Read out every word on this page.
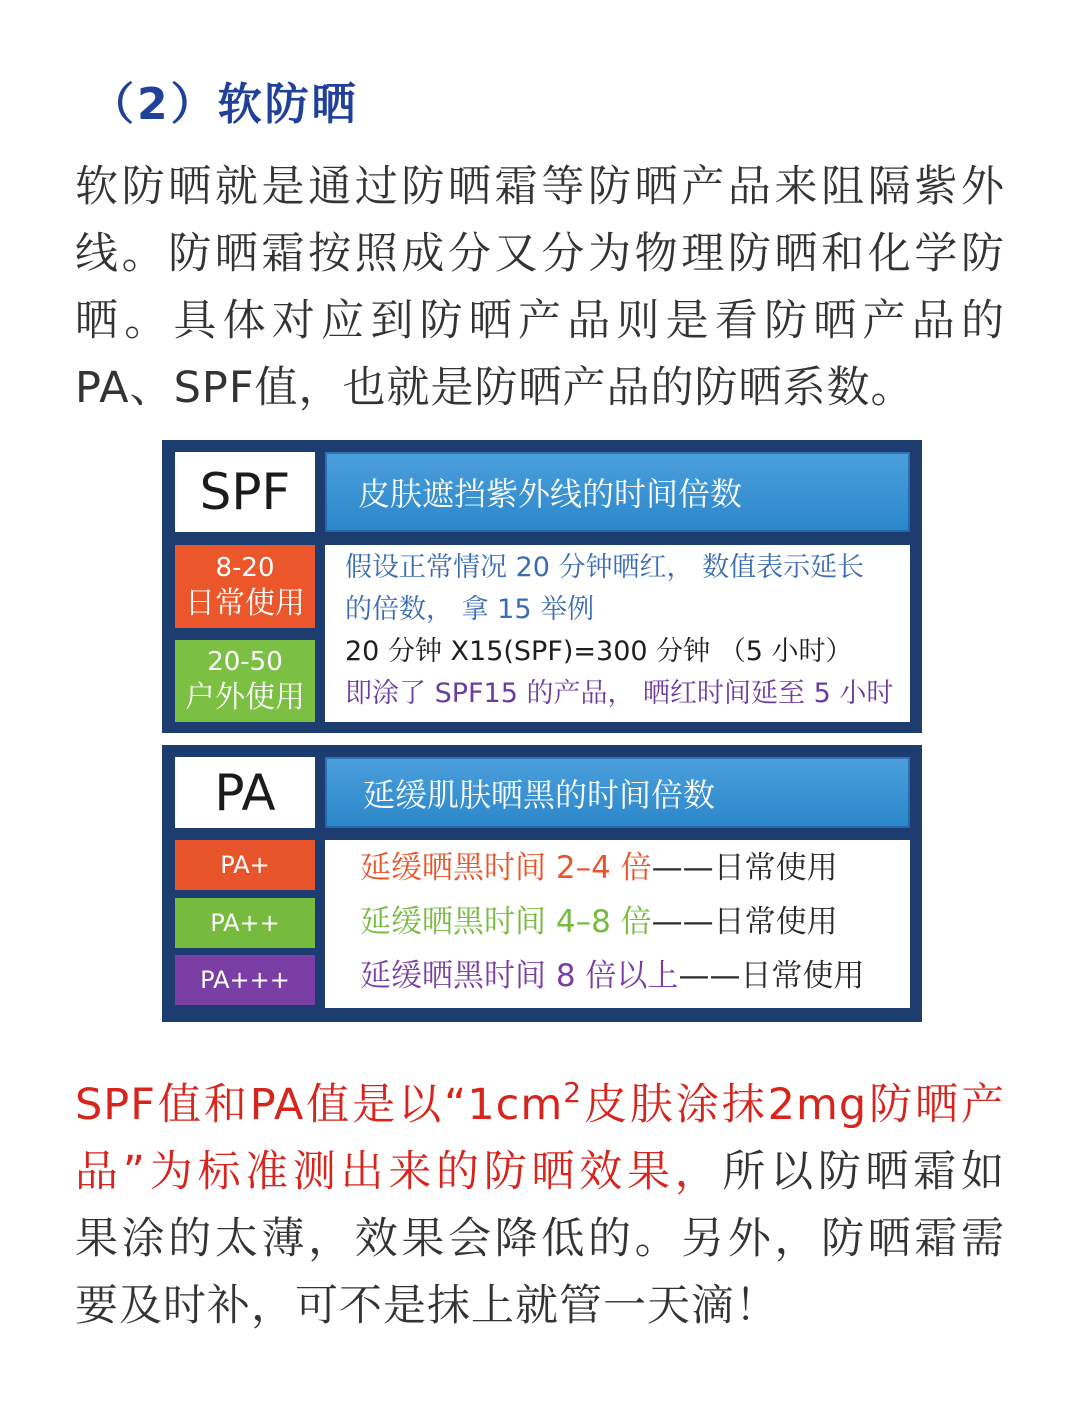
（2）软防晒
软防晒就是通过防晒霜等防晒产品来阻隔紫外
线。防晒霜按照成分又分为物理防晒和化学防
晒。具体对应到防晒产品则是看防晒产品的
PA、SPF值，也就是防晒产品的防晒系数。
SPF	皮肤遮挡紫外线的时间倍数
8-20
日常使用
20-50
户外使用
假设正常情况 20 分钟晒红， 数值表示延长
的倍数， 拿 15 举例
20 分钟 X15(SPF)=300 分钟 （5 小时）
即涂了 SPF15 的产品， 晒红时间延至 5 小时
PA	延缓肌肤晒黑的时间倍数
PA+
PA++
PA+++
延缓晒黑时间 2–4 倍——日常使用
延缓晒黑时间 4–8 倍——日常使用
延缓晒黑时间 8 倍以上——日常使用
SPF值和PA值是以“$1cm^2$皮肤涂抹2mg防晒产
品”为标准测出来的防晒效果，所以防晒霜如
果涂的太薄，效果会降低的。另外，防晒霜需
要及时补，可不是抹上就管一天滴！
